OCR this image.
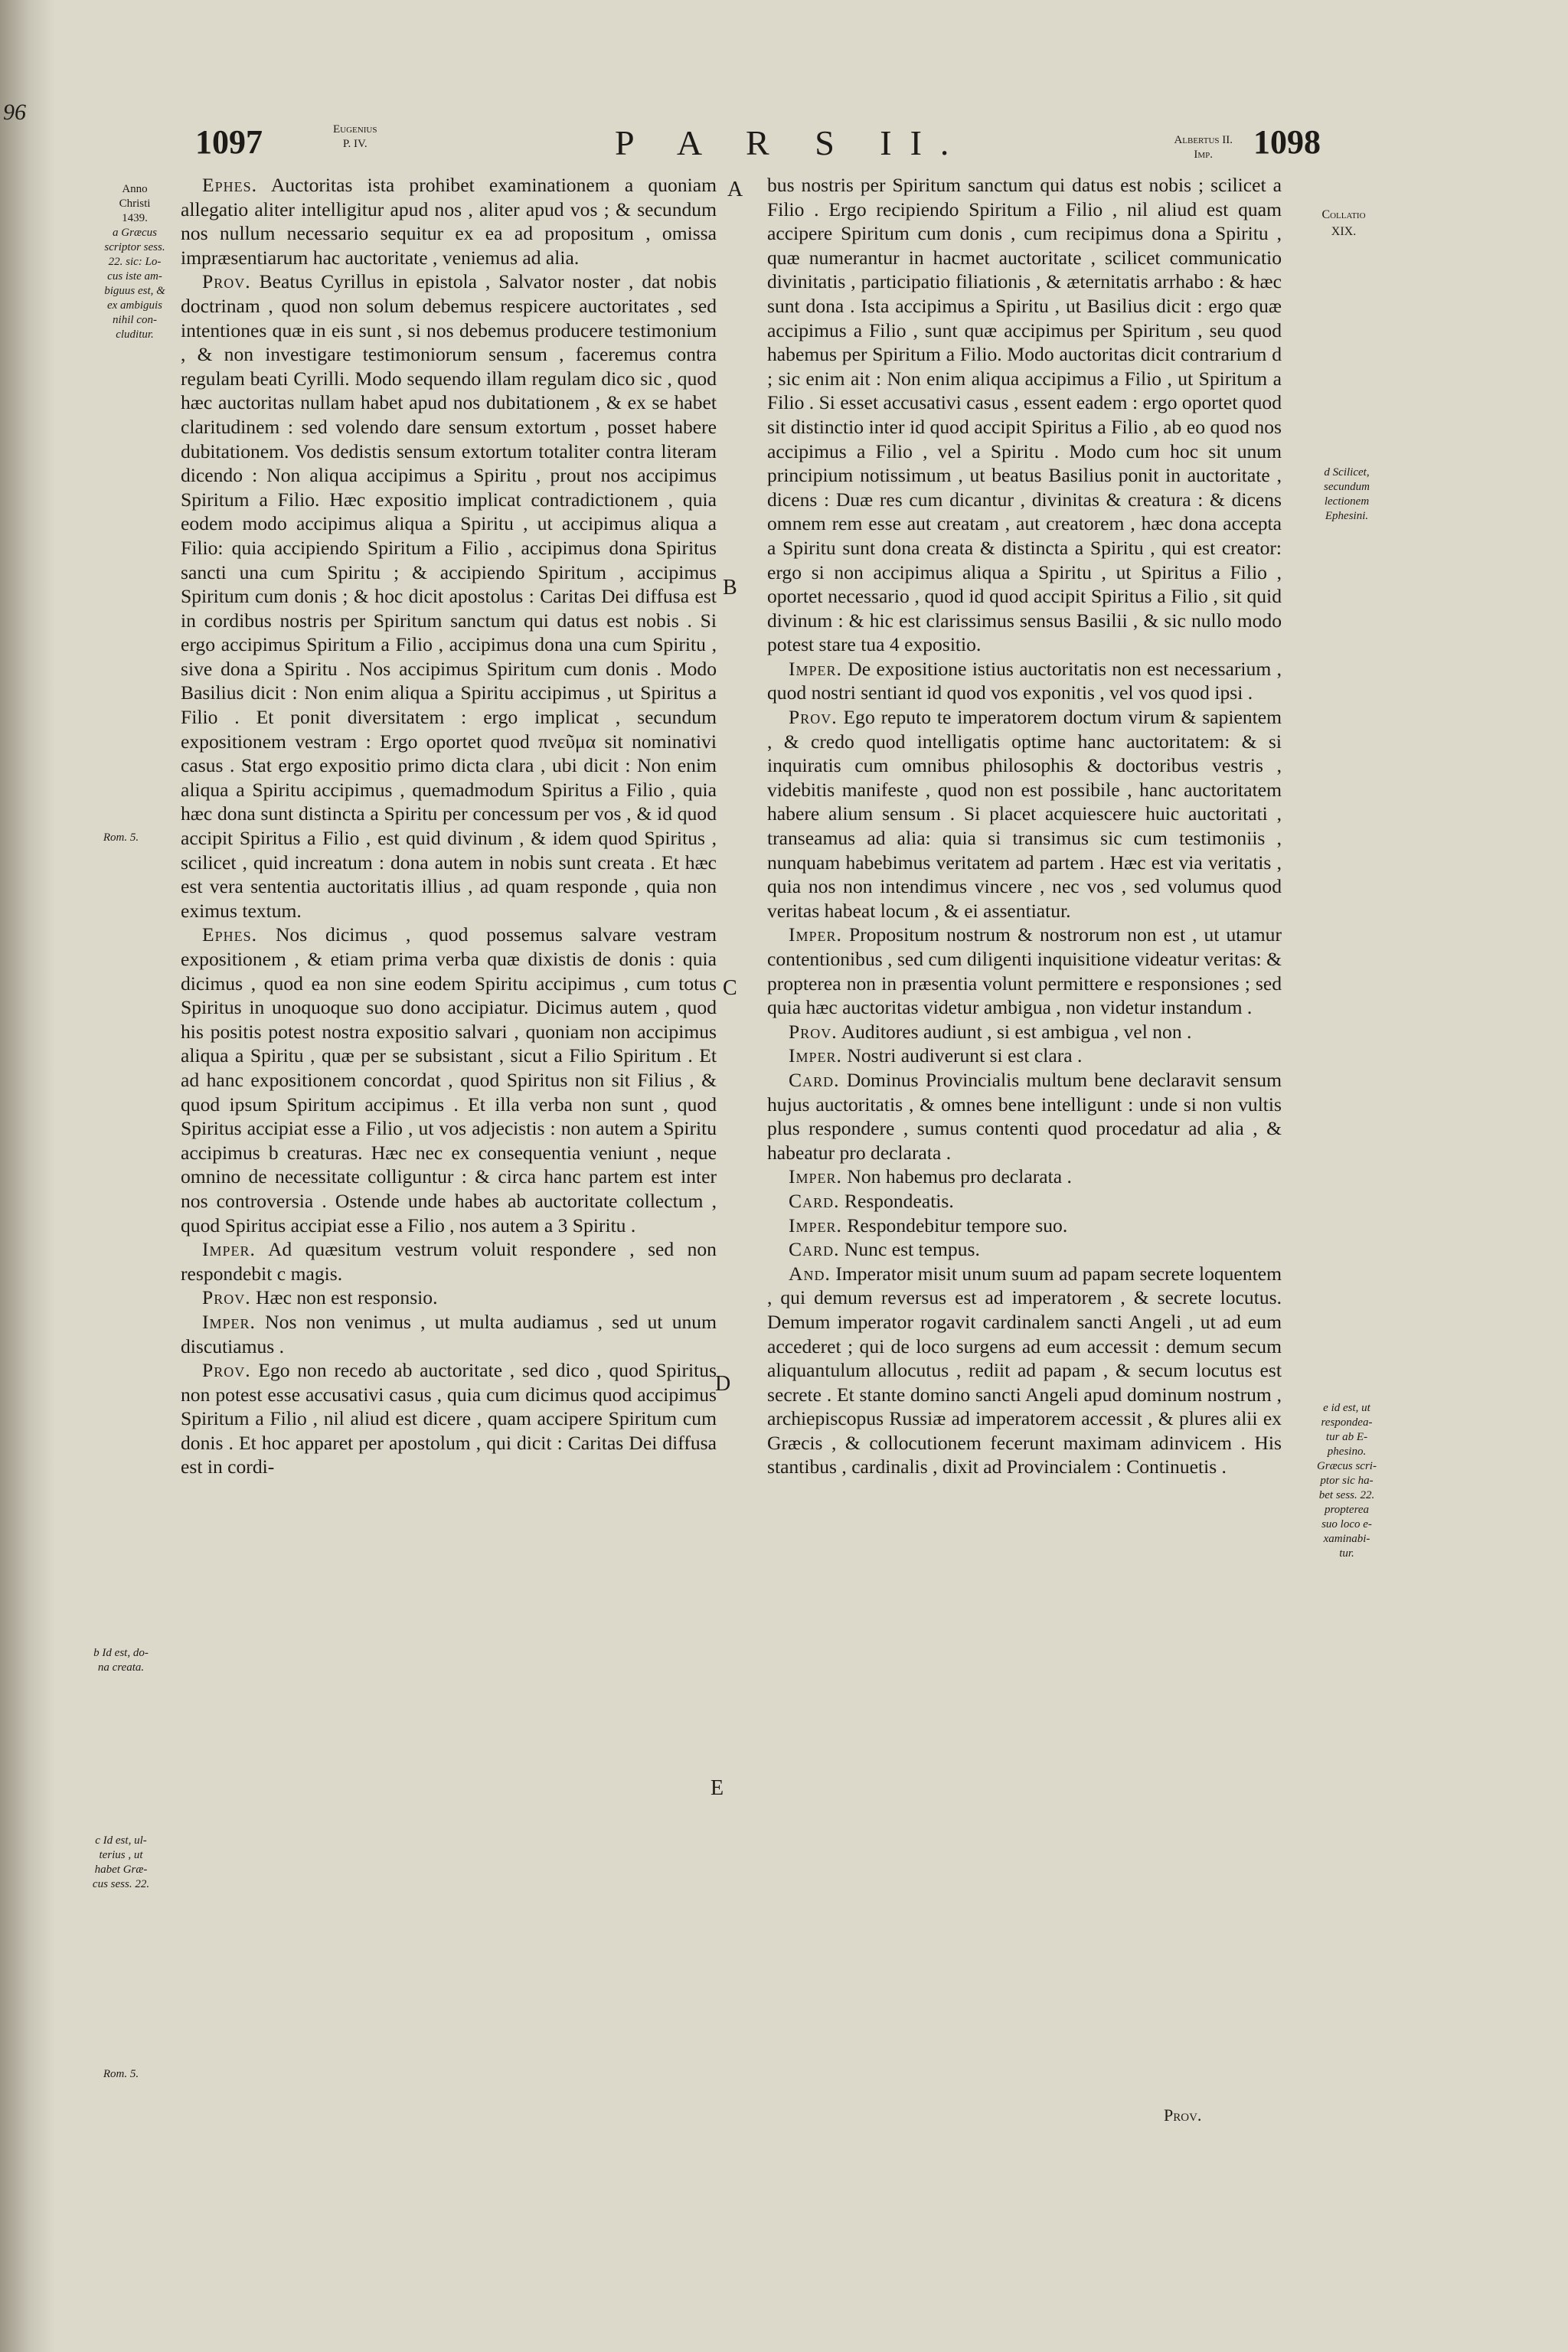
96
1097	Eugenius
P. IV.	P A R S II.	Albertus II.
Imp.	1098
Anno
Christi
1439.
a Græcus
scriptor sess.
22. sic: Lo-
cus iste am-
biguus est, &
ex ambiguis
nihil con-
cluditur.
Rom. 5.
b Id est, do-
na creata.
c Id est, ul-
terius , ut
habet Græ-
cus sess. 22.
Rom. 5.
Collatio
XIX.
d Scilicet,
secundum
lectionem
Ephesini.
e id est, ut
respondea-
tur ab E-
phesino.
Græcus scri-
ptor sic ha-
bet sess. 22.
propterea
suo loco e-
xaminabi-
tur.
A
B
C
D
E

Ephes. Auctoritas ista prohibet examinationem a quoniam allegatio aliter intelligitur apud nos , aliter apud vos ; & secundum nos nullum necessario sequitur ex ea ad propositum , omissa impræsentiarum hac auctoritate , veniemus ad alia.

Prov. Beatus Cyrillus in epistola , Salvator noster , dat nobis doctrinam , quod non solum debemus respicere auctoritates , sed intentiones quæ in eis sunt , si nos debemus producere testimonium , & non investigare testimoniorum sensum , faceremus contra regulam beati Cyrilli. Modo sequendo illam regulam dico sic , quod hæc auctoritas nullam habet apud nos dubitationem , & ex se habet claritudinem : sed volendo dare sensum extortum , posset habere dubitationem. Vos dedistis sensum extortum totaliter contra literam dicendo : Non aliqua accipimus a Spiritu , prout nos accipimus Spiritum a Filio. Hæc expositio implicat contradictionem , quia eodem modo accipimus aliqua a Spiritu , ut accipimus aliqua a Filio: quia accipiendo Spiritum a Filio , accipimus dona Spiritus sancti una cum Spiritu ; & accipiendo Spiritum , accipimus Spiritum cum donis ; & hoc dicit apostolus : Caritas Dei diffusa est in cordibus nostris per Spiritum sanctum qui datus est nobis . Si ergo accipimus Spiritum a Filio , accipimus dona una cum Spiritu , sive dona a Spiritu . Nos accipimus Spiritum cum donis . Modo Basilius dicit : Non enim aliqua a Spiritu accipimus , ut Spiritus a Filio . Et ponit diversitatem : ergo implicat , secundum expositionem vestram : Ergo oportet quod πνεῦμα sit nominativi casus . Stat ergo expositio primo dicta clara , ubi dicit : Non enim aliqua a Spiritu accipimus , quemadmodum Spiritus a Filio , quia hæc dona sunt distincta a Spiritu per concessum per vos , & id quod accipit Spiritus a Filio , est quid divinum , & idem quod Spiritus , scilicet , quid increatum : dona autem in nobis sunt creata . Et hæc est vera sententia auctoritatis illius , ad quam responde , quia non eximus textum.

Ephes. Nos dicimus , quod possemus salvare vestram expositionem , & etiam prima verba quæ dixistis de donis : quia dicimus , quod ea non sine eodem Spiritu accipimus , cum totus Spiritus in unoquoque suo dono accipiatur. Dicimus autem , quod his positis potest nostra expositio salvari , quoniam non accipimus aliqua a Spiritu , quæ per se subsistant , sicut a Filio Spiritum . Et ad hanc expositionem concordat , quod Spiritus non sit Filius , & quod ipsum Spiritum accipimus . Et illa verba non sunt , quod Spiritus accipiat esse a Filio , ut vos adjecistis : non autem a Spiritu accipimus b creaturas. Hæc nec ex consequentia veniunt , neque omnino de necessitate colliguntur : & circa hanc partem est inter nos controversia . Ostende unde habes ab auctoritate collectum , quod Spiritus accipiat esse a Filio , nos autem a 3 Spiritu .

Imper. Ad quæsitum vestrum voluit respondere , sed non respondebit c magis.

Prov. Hæc non est responsio.

Imper. Nos non venimus , ut multa audiamus , sed ut unum discutiamus .

Prov. Ego non recedo ab auctoritate , sed dico , quod Spiritus non potest esse accusativi casus , quia cum dicimus quod accipimus Spiritum a Filio , nil aliud est dicere , quam accipere Spiritum cum donis . Et hoc apparet per apostolum , qui dicit : Caritas Dei diffusa est in cordi-

bus nostris per Spiritum sanctum qui datus est nobis ; scilicet a Filio . Ergo recipiendo Spiritum a Filio , nil aliud est quam accipere Spiritum cum donis , cum recipimus dona a Spiritu , quæ numerantur in hacmet auctoritate , scilicet communicatio divinitatis , participatio filiationis , & æternitatis arrhabo : & hæc sunt dona . Ista accipimus a Spiritu , ut Basilius dicit : ergo quæ accipimus a Filio , sunt quæ accipimus per Spiritum , seu quod habemus per Spiritum a Filio. Modo auctoritas dicit contrarium d ; sic enim ait : Non enim aliqua accipimus a Filio , ut Spiritum a Filio . Si esset accusativi casus , essent eadem : ergo oportet quod sit distinctio inter id quod accipit Spiritus a Filio , ab eo quod nos accipimus a Filio , vel a Spiritu . Modo cum hoc sit unum principium notissimum , ut beatus Basilius ponit in auctoritate , dicens : Duæ res cum dicantur , divinitas & creatura : & dicens omnem rem esse aut creatam , aut creatorem , hæc dona accepta a Spiritu sunt dona creata & distincta a Spiritu , qui est creator: ergo si non accipimus aliqua a Spiritu , ut Spiritus a Filio , oportet necessario , quod id quod accipit Spiritus a Filio , sit quid divinum : & hic est clarissimus sensus Basilii , & sic nullo modo potest stare tua 4 expositio.

Imper. De expositione istius auctoritatis non est necessarium , quod nostri sentiant id quod vos exponitis , vel vos quod ipsi .

Prov. Ego reputo te imperatorem doctum virum & sapientem , & credo quod intelligatis optime hanc auctoritatem: & si inquiratis cum omnibus philosophis & doctoribus vestris , videbitis manifeste , quod non est possibile , hanc auctoritatem habere alium sensum . Si placet acquiescere huic auctoritati , transeamus ad alia: quia si transimus sic cum testimoniis , nunquam habebimus veritatem ad partem . Hæc est via veritatis , quia nos non intendimus vincere , nec vos , sed volumus quod veritas habeat locum , & ei assentiatur.

Imper. Propositum nostrum & nostrorum non est , ut utamur contentionibus , sed cum diligenti inquisitione videatur veritas: & propterea non in præsentia volunt permittere e responsiones ; sed quia hæc auctoritas videtur ambigua , non videtur instandum .

Prov. Auditores audiunt , si est ambigua , vel non .

Imper. Nostri audiverunt si est clara .

Card. Dominus Provincialis multum bene declaravit sensum hujus auctoritatis , & omnes bene intelligunt : unde si non vultis plus respondere , sumus contenti quod procedatur ad alia , & habeatur pro declarata .

Imper. Non habemus pro declarata .

Card. Respondeatis.

Imper. Respondebitur tempore suo.

Card. Nunc est tempus.

And. Imperator misit unum suum ad papam secrete loquentem , qui demum reversus est ad imperatorem , & secrete locutus. Demum imperator rogavit cardinalem sancti Angeli , ut ad eum accederet ; qui de loco surgens ad eum accessit : demum secum aliquantulum allocutus , rediit ad papam , & secum locutus est secrete . Et stante domino sancti Angeli apud dominum nostrum , archiepiscopus Russiæ ad imperatorem accessit , & plures alii ex Græcis , & collocutionem fecerunt maximam adinvicem . His stantibus , cardinalis , dixit ad Provincialem : Continuetis .

Prov.
